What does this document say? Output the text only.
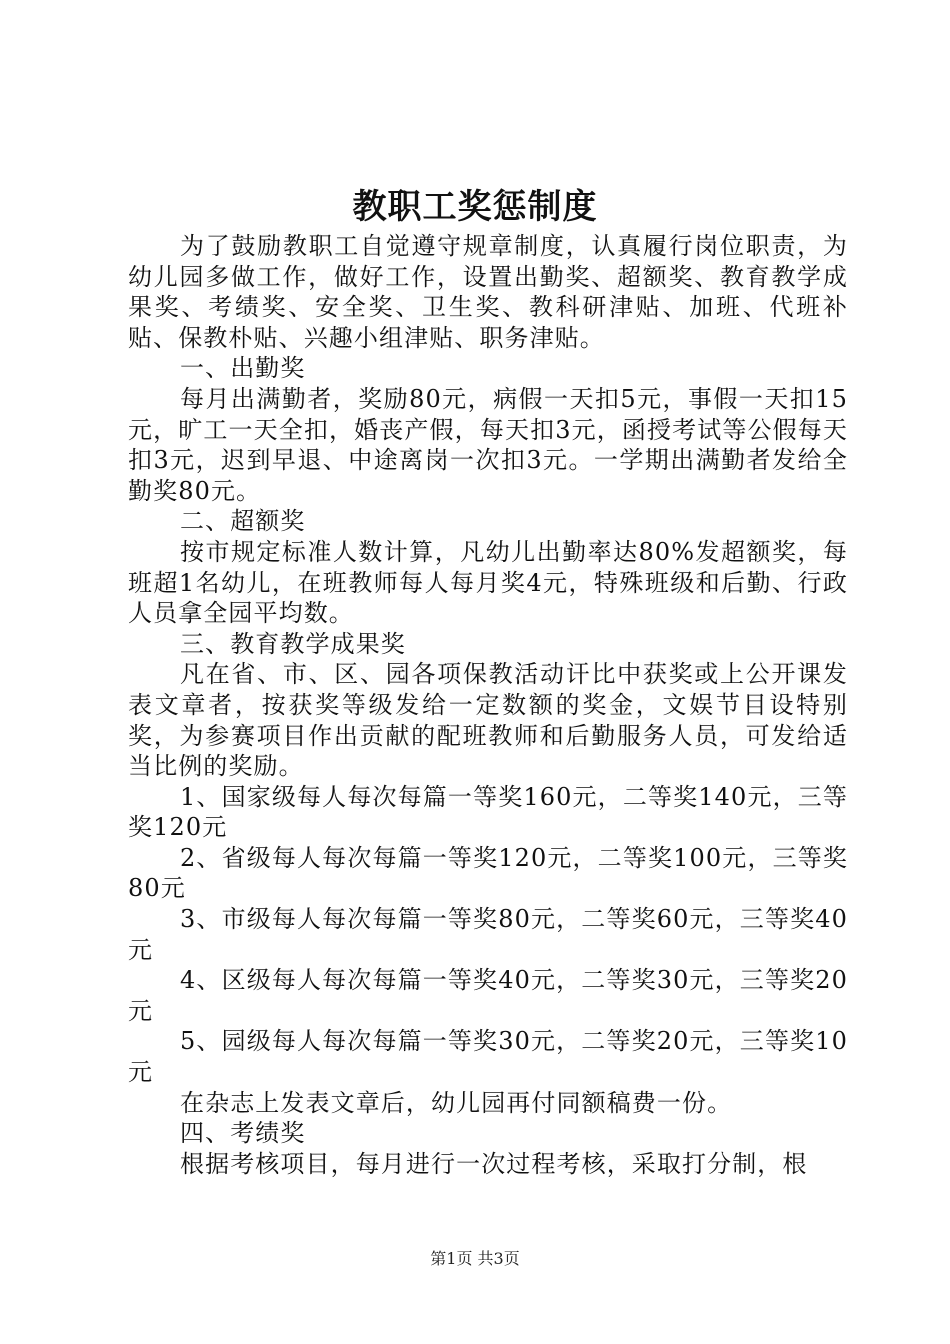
教职工奖惩制度

为了鼓励教职工自觉遵守规章制度，认真履行岗位职责，为幼儿园多做工作，做好工作，设置出勤奖、超额奖、教育教学成果奖、考绩奖、安全奖、卫生奖、教科研津贴、加班、代班补贴、保教朴贴、兴趣小组津贴、职务津贴。

一、出勤奖

每月出满勤者，奖励80元，病假一天扣5元，事假一天扣15元，旷工一天全扣，婚丧产假，每天扣3元，函授考试等公假每天扣3元，迟到早退、中途离岗一次扣3元。一学期出满勤者发给全勤奖80元。

二、超额奖

按市规定标准人数计算，凡幼儿出勤率达80%发超额奖，每班超1名幼儿，在班教师每人每月奖4元，特殊班级和后勤、行政人员拿全园平均数。

三、教育教学成果奖

凡在省、市、区、园各项保教活动讦比中获奖或上公开课发表文章者，按获奖等级发给一定数额的奖金，文娱节目设特别奖，为参赛项目作出贡献的配班教师和后勤服务人员，可发给适当比例的奖励。

1、国家级每人每次每篇一等奖160元，二等奖140元，三等奖120元

2、省级每人每次每篇一等奖120元，二等奖100元，三等奖80元

3、市级每人每次每篇一等奖80元，二等奖60元，三等奖40元

4、区级每人每次每篇一等奖40元，二等奖30元，三等奖20元

5、园级每人每次每篇一等奖30元，二等奖20元，三等奖10元

在杂志上发表文章后，幼儿园再付同额稿费一份。

四、考绩奖

根据考核项目，每月进行一次过程考核，采取打分制，根

第1页 共3页
